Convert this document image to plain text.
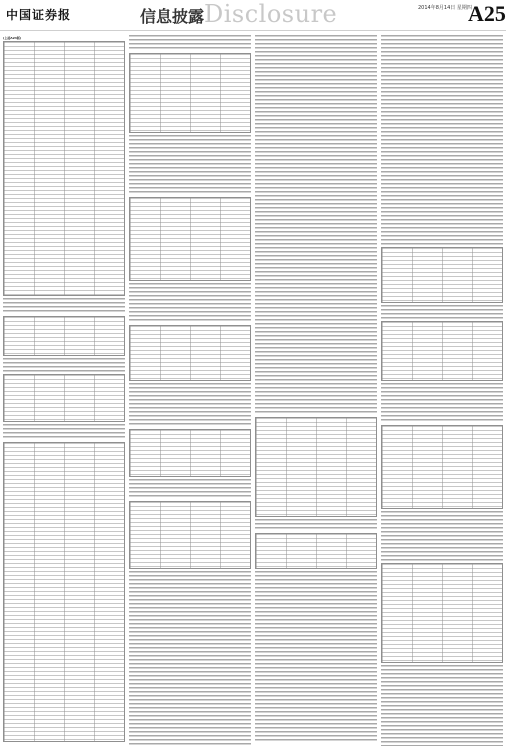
中国证券报	信息披露 Disclosure	2014年8月14日 星期四
A25
(上接A24版)
